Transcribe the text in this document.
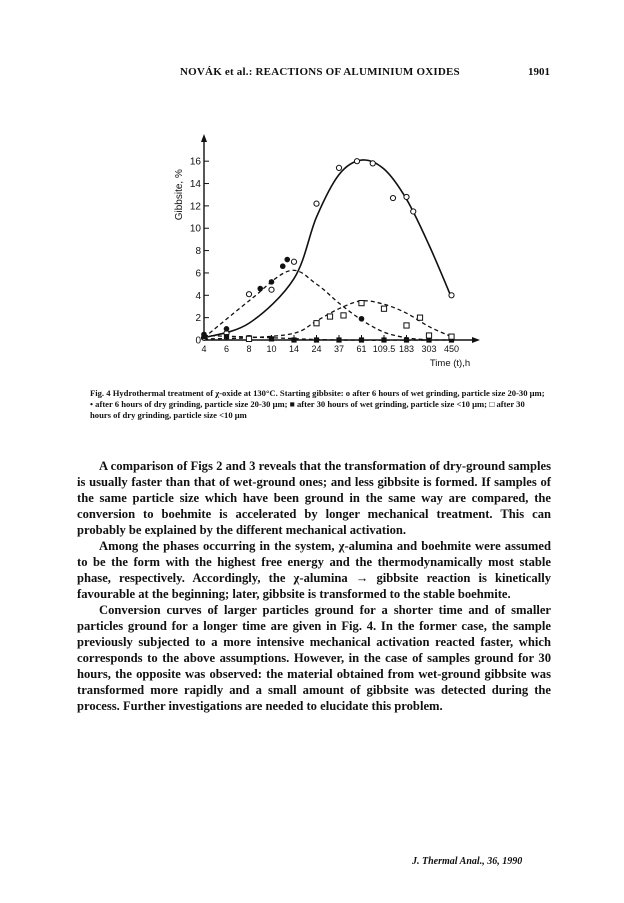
NOVÁK et al.: REACTIONS OF ALUMINIUM OXIDES	1901
0
2
4
6
8
10
12
14
16
4 6 8 10 14 24 37 61 109.5 183 303 450
Gibbsite, %
Time (t),h
Fig. 4 Hydrothermal treatment of χ-oxide at 130°C. Starting gibbsite: o after 6 hours of wet grinding, particle size 20-30 μm; • after 6 hours of dry grinding, particle size 20-30 μm; ■ after 30 hours of wet grinding, particle size <10 μm; □ after 30 hours of dry grinding, particle size <10 μm

A comparison of Figs 2 and 3 reveals that the transformation of dry-ground samples is usually faster than that of wet-ground ones; and less gibbsite is formed. If samples of the same particle size which have been ground in the same way are compared, the conversion to boehmite is accelerated by longer mechanical treatment. This can probably be explained by the different mechanical activation.

Among the phases occurring in the system, χ-alumina and boehmite were assumed to be the form with the highest free energy and the thermodynamically most stable phase, respectively. Accordingly, the χ-alumina → gibbsite reaction is kinetically favourable at the beginning; later, gibbsite is transformed to the stable boehmite.

Conversion curves of larger particles ground for a shorter time and of smaller particles ground for a longer time are given in Fig. 4. In the former case, the sample previously subjected to a more intensive mechanical activation reacted faster, which corresponds to the above assumptions. However, in the case of samples ground for 30 hours, the opposite was observed: the material obtained from wet-ground gibbsite was transformed more rapidly and a small amount of gibbsite was detected during the process. Further investigations are needed to elucidate this problem.

J. Thermal Anal., 36, 1990
